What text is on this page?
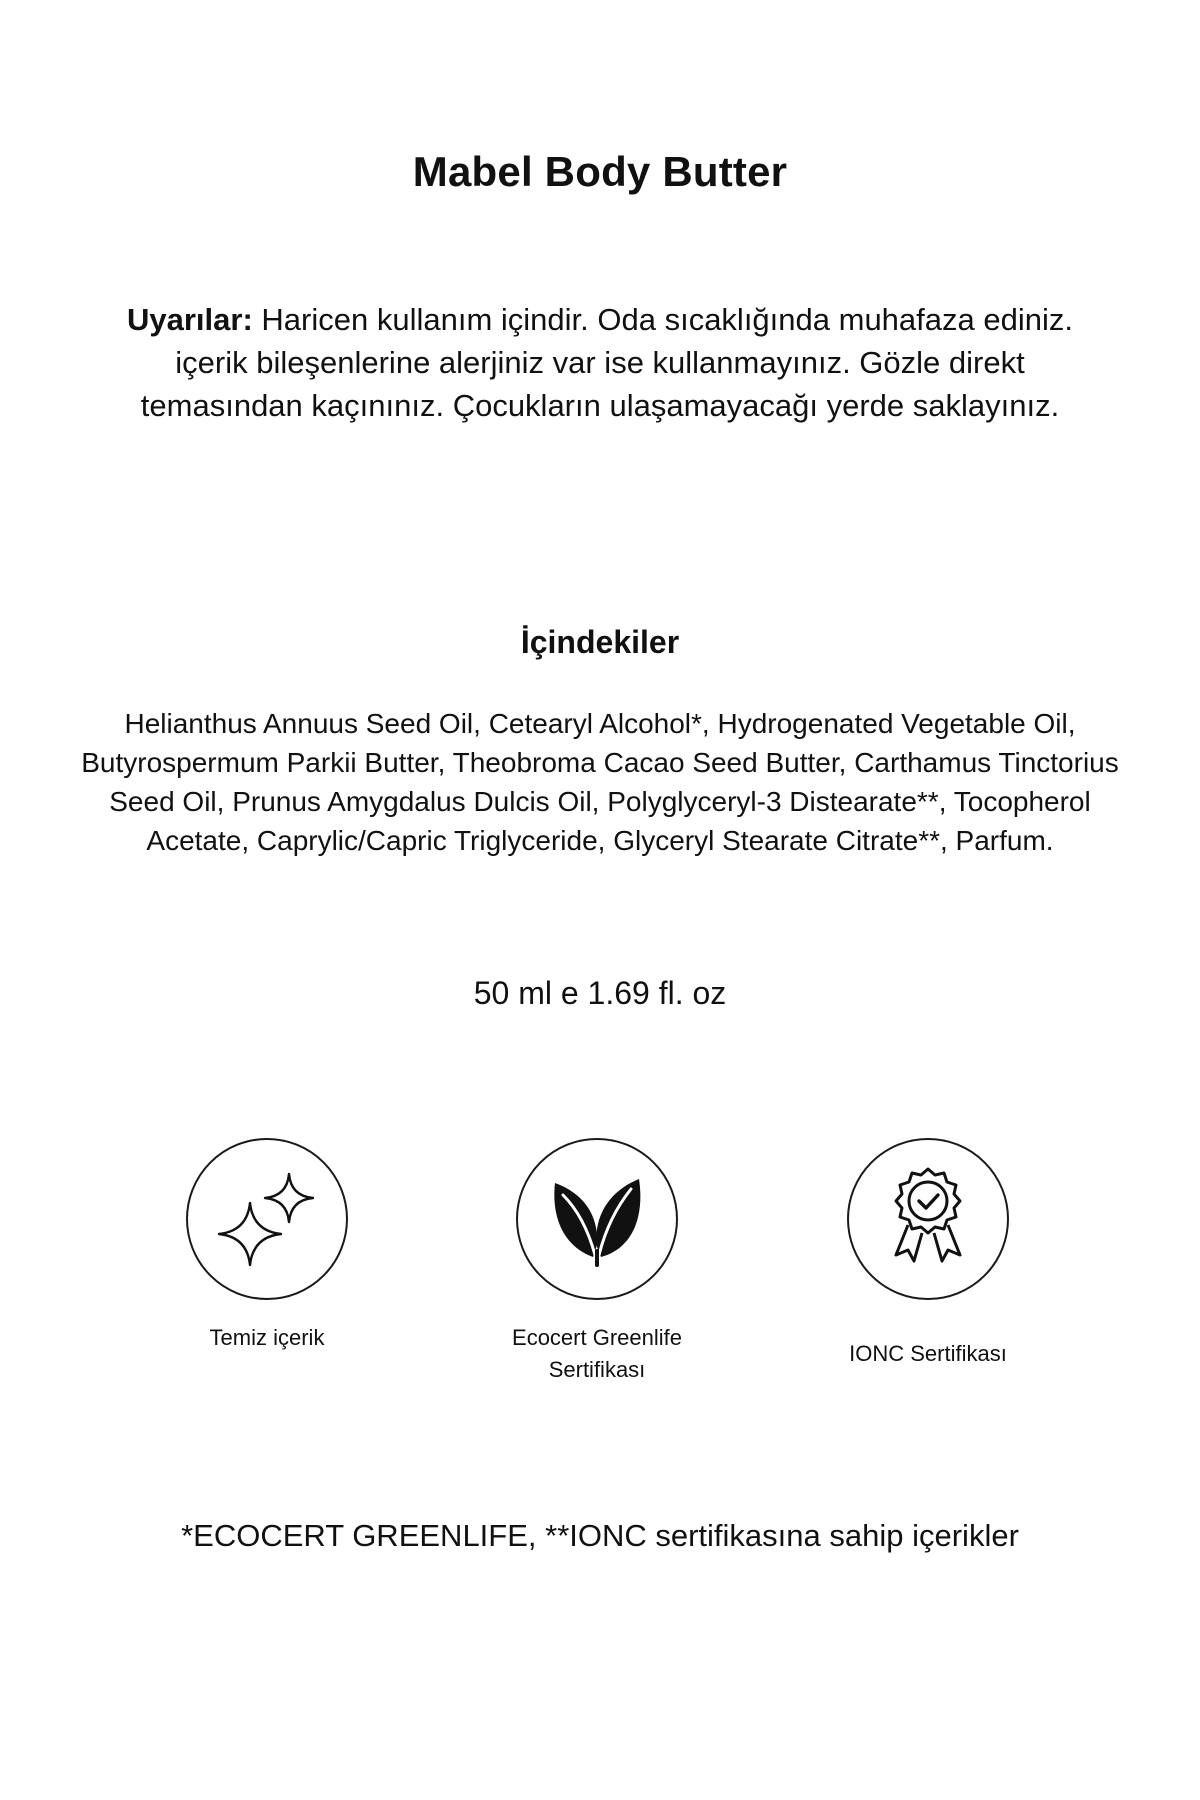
Mabel Body Butter

Uyarılar: Haricen kullanım içindir. Oda sıcaklığında muhafaza ediniz. içerik bileşenlerine alerjiniz var ise kullanmayınız. Gözle direkt temasından kaçınınız. Çocukların ulaşamayacağı yerde saklayınız.

İçindekiler

Helianthus Annuus Seed Oil, Cetearyl Alcohol*, Hydrogenated Vegetable Oil, Butyrospermum Parkii Butter, Theobroma Cacao Seed Butter, Carthamus Tinctorius Seed Oil, Prunus Amygdalus Dulcis Oil, Polyglyceryl-3 Distearate**, Tocopherol Acetate, Caprylic/Capric Triglyceride, Glyceryl Stearate Citrate**, Parfum.

50 ml e 1.69 fl. oz

Temiz içerik	Ecocert Greenlife Sertifikası
IONC Sertifikası

*ECOCERT GREENLIFE, **IONC sertifikasına sahip içerikler
